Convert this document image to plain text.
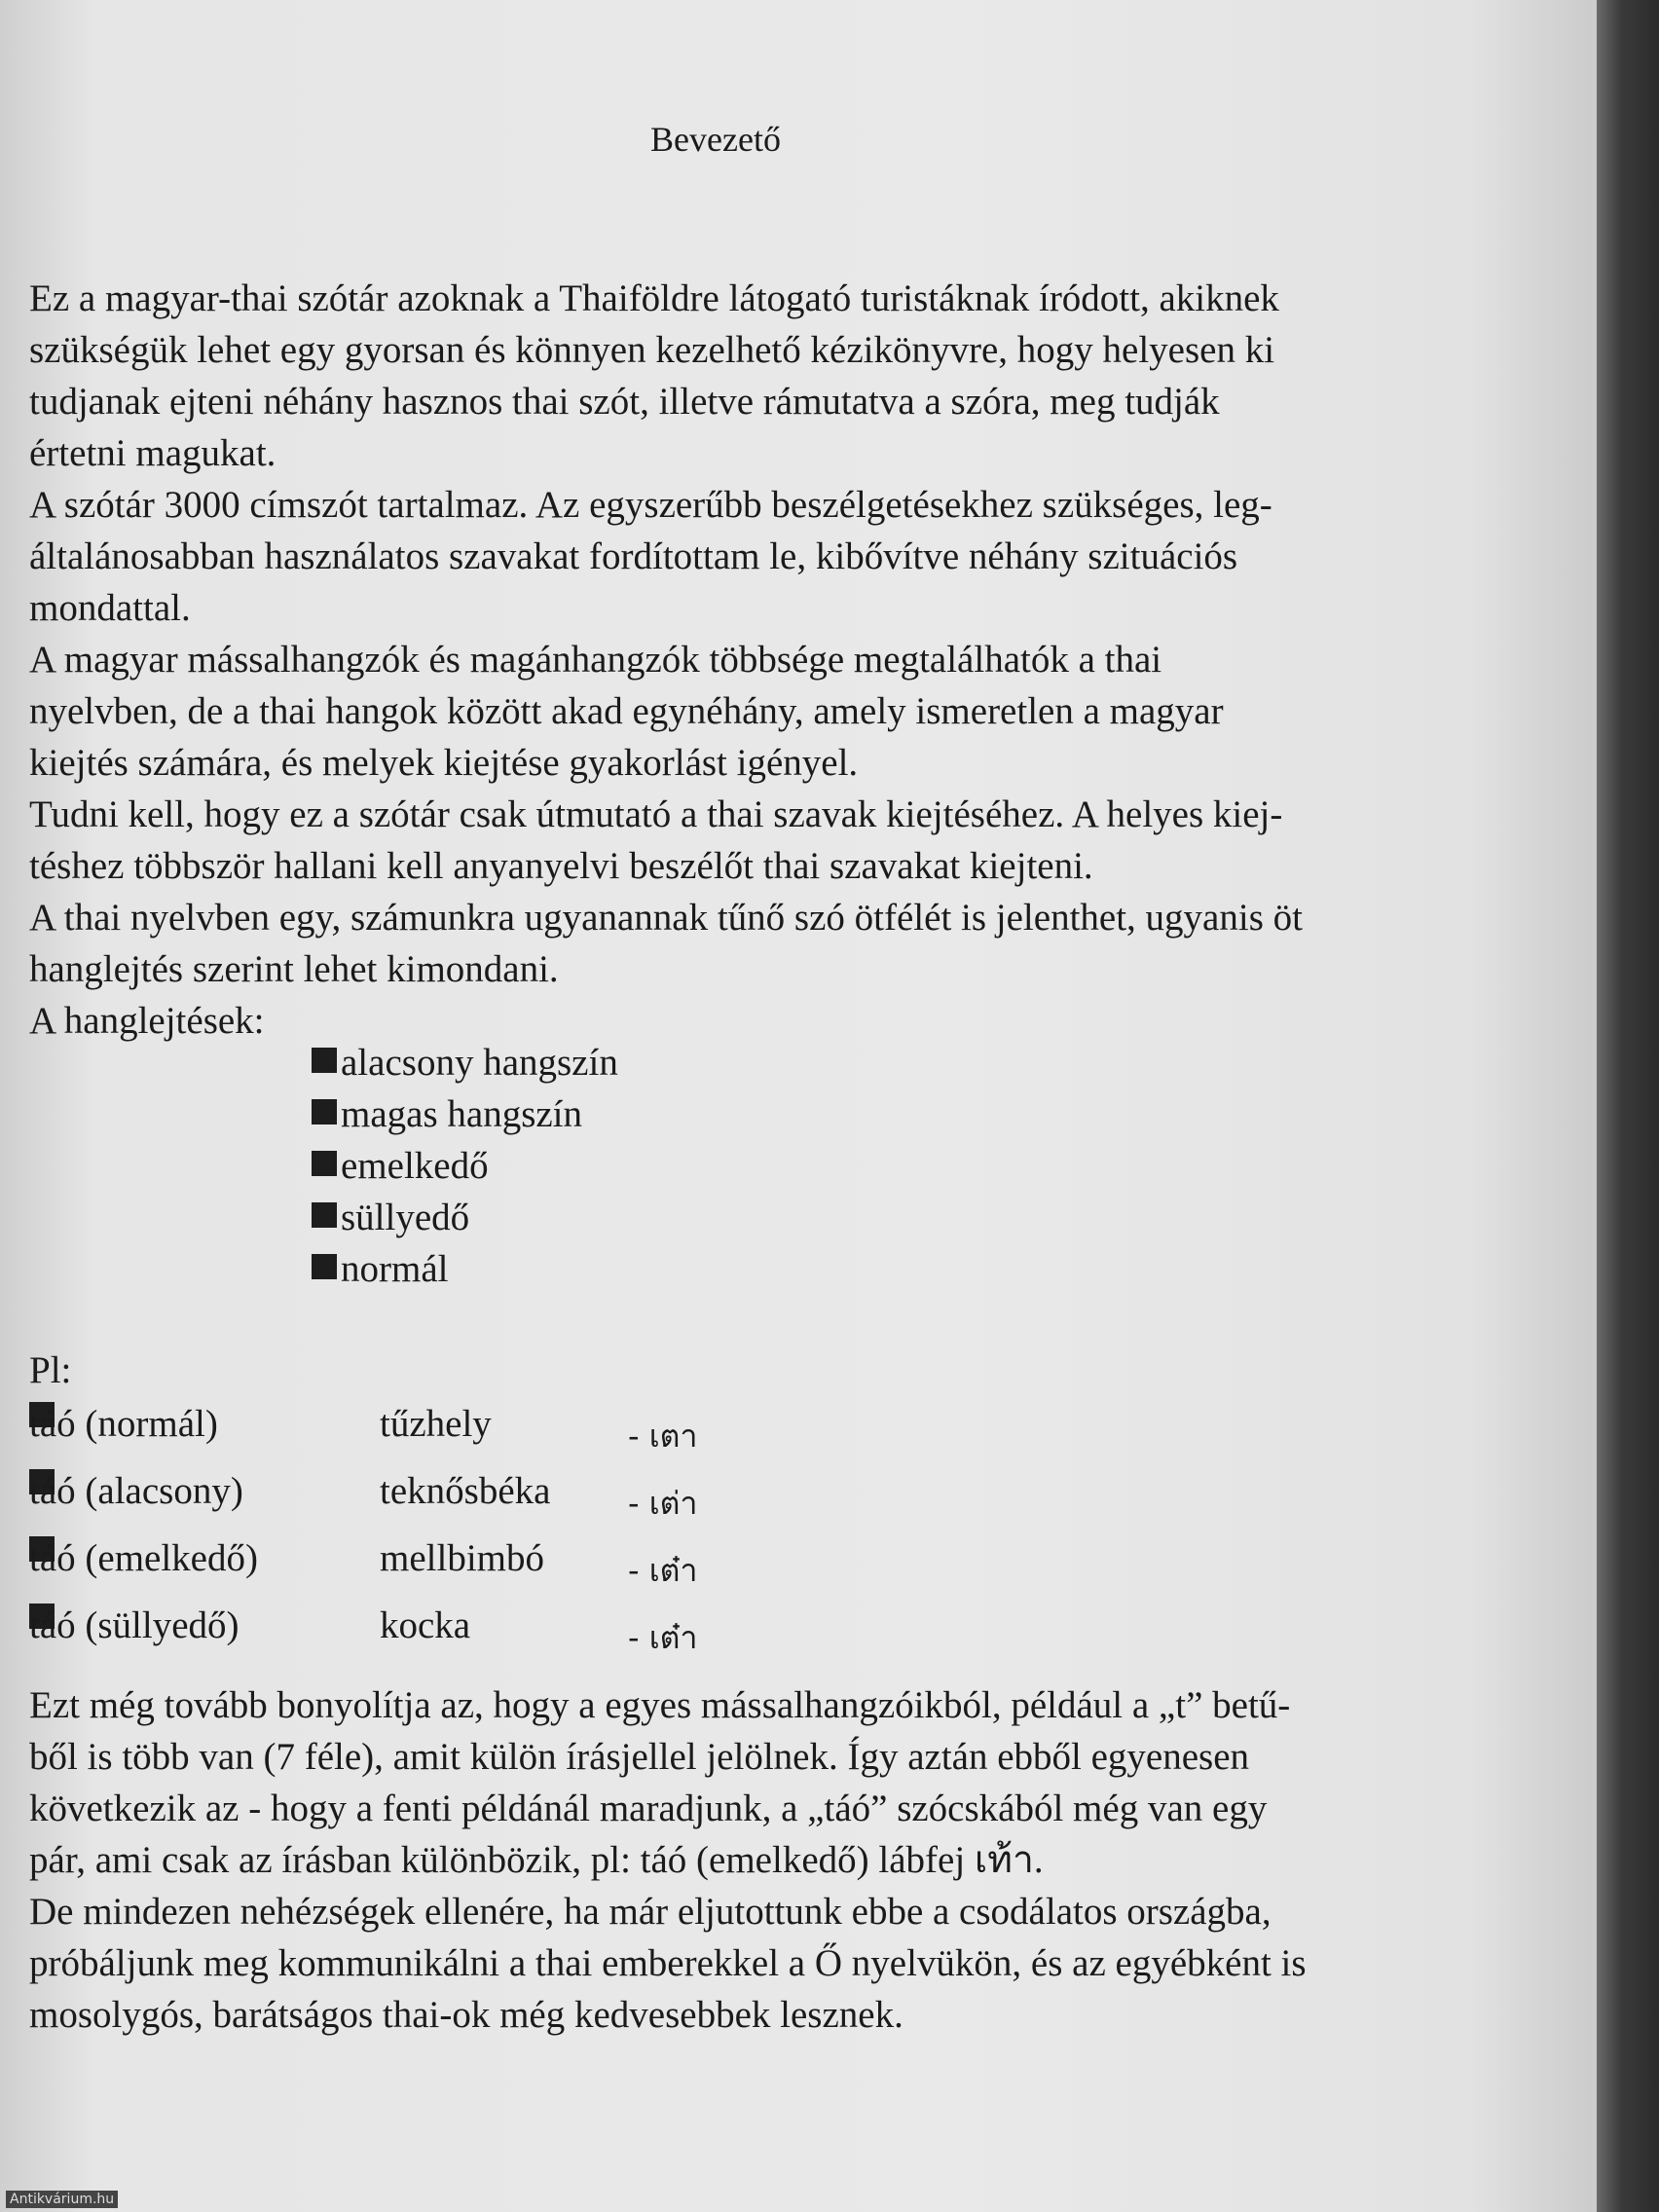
Bevezető
Ez a magyar-thai szótár azoknak a Thaiföldre látogató turistáknak íródott, akiknek
szükségük lehet egy gyorsan és könnyen kezelhető kézikönyvre, hogy helyesen ki
tudjanak ejteni néhány hasznos thai szót, illetve rámutatva a szóra, meg tudják
értetni magukat.
A szótár 3000 címszót tartalmaz. Az egyszerűbb beszélgetésekhez szükséges, leg-
általánosabban használatos szavakat fordítottam le, kibővítve néhány szituációs
mondattal.
A magyar mássalhangzók és magánhangzók többsége megtalálhatók a thai
nyelvben, de a thai hangok között akad egynéhány, amely ismeretlen a magyar
kiejtés számára, és melyek kiejtése gyakorlást igényel.
Tudni kell, hogy ez a szótár csak útmutató a thai szavak kiejtéséhez. A helyes kiej-
téshez többször hallani kell anyanyelvi beszélőt thai szavakat kiejteni.
A thai nyelvben egy, számunkra ugyanannak tűnő szó ötfélét is jelenthet, ugyanis öt
hanglejtés szerint lehet kimondani.
A hanglejtések:
alacsony hangszín
magas hangszín
emelkedő
süllyedő
normál
Pl:
táó (normál)	tűzhely	- เตา
táó (alacsony)	teknősbéka - เต่า
táó (emelkedő)	mellbimbó	- เต๋า
táó (süllyedő)	kocka	- เต๋า
Ezt még tovább bonyolítja az, hogy a egyes mássalhangzóikból, például a „t” betű-
ből is több van (7 féle), amit külön írásjellel jelölnek. Így aztán ebből egyenesen
következik az - hogy a fenti példánál maradjunk, a „táó” szócskából még van egy
pár, ami csak az írásban különbözik, pl: táó (emelkedő) lábfej เท้า.
De mindezen nehézségek ellenére, ha már eljutottunk ebbe a csodálatos országba,
próbáljunk meg kommunikálni a thai emberekkel a Ő nyelvükön, és az egyébként is
mosolygós, barátságos thai-ok még kedvesebbek lesznek.
Antikvárium.hu
